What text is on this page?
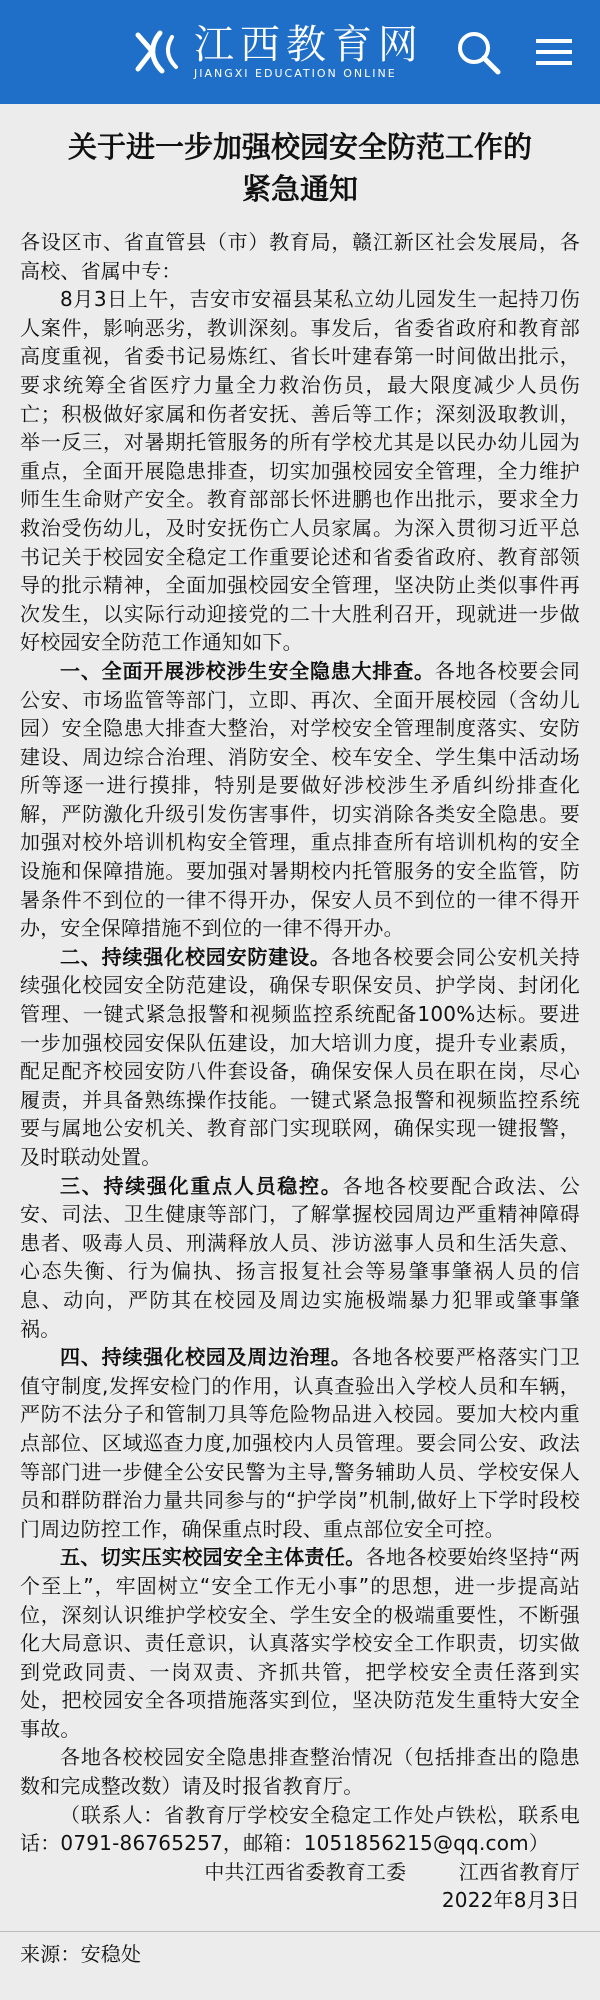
江西教育网
JIANGXI EDUCATION ONLINE
关于进一步加强校园安全防范工作的
紧急通知

各设区市、省直管县（市）教育局，赣江新区社会发展局，各高校、省属中专：

8月3日上午，吉安市安福县某私立幼儿园发生一起持刀伤人案件，影响恶劣，教训深刻。事发后，省委省政府和教育部高度重视，省委书记易炼红、省长叶建春第一时间做出批示，要求统筹全省医疗力量全力救治伤员，最大限度减少人员伤亡；积极做好家属和伤者安抚、善后等工作；深刻汲取教训，举一反三，对暑期托管服务的所有学校尤其是以民办幼儿园为重点，全面开展隐患排查，切实加强校园安全管理，全力维护师生生命财产安全。教育部部长怀进鹏也作出批示，要求全力救治受伤幼儿，及时安抚伤亡人员家属。为深入贯彻习近平总书记关于校园安全稳定工作重要论述和省委省政府、教育部领导的批示精神，全面加强校园安全管理，坚决防止类似事件再次发生，以实际行动迎接党的二十大胜利召开，现就进一步做好校园安全防范工作通知如下。

一、全面开展涉校涉生安全隐患大排查。各地各校要会同公安、市场监管等部门，立即、再次、全面开展校园（含幼儿园）安全隐患大排查大整治，对学校安全管理制度落实、安防建设、周边综合治理、消防安全、校车安全、学生集中活动场所等逐一进行摸排，特别是要做好涉校涉生矛盾纠纷排查化解，严防激化升级引发伤害事件，切实消除各类安全隐患。要加强对校外培训机构安全管理，重点排查所有培训机构的安全设施和保障措施。要加强对暑期校内托管服务的安全监管，防暑条件不到位的一律不得开办，保安人员不到位的一律不得开办，安全保障措施不到位的一律不得开办。

二、持续强化校园安防建设。各地各校要会同公安机关持续强化校园安全防范建设，确保专职保安员、护学岗、封闭化管理、一键式紧急报警和视频监控系统配备100%达标。要进一步加强校园安保队伍建设，加大培训力度，提升专业素质，配足配齐校园安防八件套设备，确保安保人员在职在岗，尽心履责，并具备熟练操作技能。一键式紧急报警和视频监控系统要与属地公安机关、教育部门实现联网，确保实现一键报警，及时联动处置。

三、持续强化重点人员稳控。各地各校要配合政法、公安、司法、卫生健康等部门，了解掌握校园周边严重精神障碍患者、吸毒人员、刑满释放人员、涉访滋事人员和生活失意、心态失衡、行为偏执、扬言报复社会等易肇事肇祸人员的信息、动向，严防其在校园及周边实施极端暴力犯罪或肇事肇祸。

四、持续强化校园及周边治理。各地各校要严格落实门卫值守制度,发挥安检门的作用，认真查验出入学校人员和车辆，严防不法分子和管制刀具等危险物品进入校园。要加大校内重点部位、区域巡查力度,加强校内人员管理。要会同公安、政法等部门进一步健全公安民警为主导,警务辅助人员、学校安保人员和群防群治力量共同参与的“护学岗”机制,做好上下学时段校门周边防控工作，确保重点时段、重点部位安全可控。

五、切实压实校园安全主体责任。各地各校要始终坚持“两个至上”，牢固树立“安全工作无小事”的思想，进一步提高站位，深刻认识维护学校安全、学生安全的极端重要性，不断强化大局意识、责任意识，认真落实学校安全工作职责，切实做到党政同责、一岗双责、齐抓共管，把学校安全责任落到实处，把校园安全各项措施落实到位，坚决防范发生重特大安全事故。

各地各校校园安全隐患排查整治情况（包括排查出的隐患数和完成整改数）请及时报省教育厅。

（联系人：省教育厅学校安全稳定工作处卢铁松，联系电话：0791-86765257，邮箱：1051856215@qq.com）

中共江西省委教育工委        江西省教育厅

2022年8月3日

来源：安稳处
